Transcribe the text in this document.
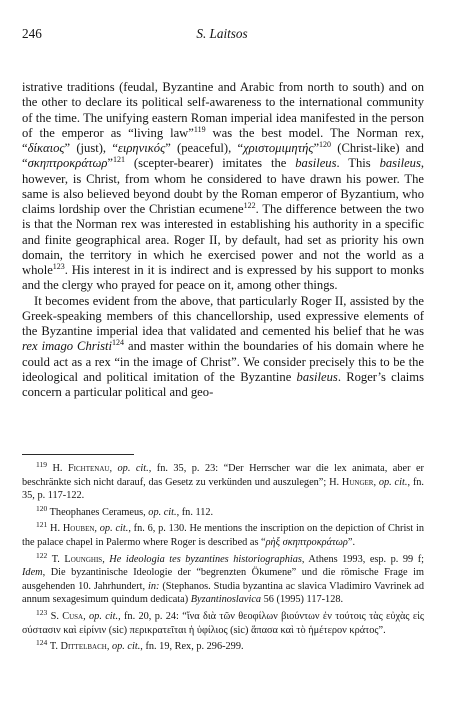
246	S. Laitsos

istrative traditions (feudal, Byzantine and Arabic from north to south) and on the other to declare its political self-awareness to the international community of the time. The unifying eastern Roman imperial idea manifested in the person of the emperor as “living law”$^{119}$ was the best model. The Norman rex, “δίκαιος” (just), “ειρηνικός” (peaceful), “χριστομιμητής”$^{120}$ (Christ-like) and “σκηπτροκράτωρ”$^{121}$ (scepter-bearer) imitates the basileus. This basileus, however, is Christ, from whom he considered to have drawn his power. The same is also believed beyond doubt by the Roman emperor of Byzantium, who claims lordship over the Christian ecumene$^{122}$. The difference between the two is that the Norman rex was interested in establishing his authority in a specific and finite geographical area. Roger II, by default, had set as priority his own domain, the territory in which he exercised power and not the world as a whole$^{123}$. His interest in it is indirect and is expressed by his support to monks and the clergy who prayed for peace on it, among other things.

It becomes evident from the above, that particularly Roger II, assisted by the Greek-speaking members of this chancellorship, used expressive elements of the Byzantine imperial idea that validated and cemented his belief that he was rex imago Christi$^{124}$ and master within the boundaries of his domain where he could act as a rex “in the image of Christ”. We consider precisely this to be the ideological and political imitation of the Byzantine basileus. Roger’s claims concern a particular political and geo-

$^{119}$ H. Fichtenau, op. cit., fn. 35, p. 23: “Der Herrscher war die lex animata, aber er beschränkte sich nicht darauf, das Gesetz zu verkünden und auszulegen”; H. Hunger, op. cit., fn. 35, p. 117-122.
$^{120}$ Theophanes Cerameus, op. cit., fn. 112.
$^{121}$ H. Houben, op. cit., fn. 6, p. 130. He mentions the inscription on the depiction of Christ in the palace chapel in Palermo where Roger is described as “ρὴξ σκηπτροκράτωρ”.
$^{122}$ T. Lounghis, He ideologia tes byzantines historiographias, Athens 1993, esp. p. 99 f; Idem, Die byzantinische Ideologie der “begrenzten Ökumene” und die römische Frage im ausgehenden 10. Jahrhundert, in: (Stephanos. Studia byzantina ac slavica Vladimiro Vavrinek ad annum sexagesimum quindum dedicata) Byzantinoslavica 56 (1995) 117-128.
$^{123}$ S. Cusa, op. cit., fn. 20, p. 24: “ἵνα διὰ τῶν θεοφίλων βιούντων ἐν τούτοις τὰς εὐχὰς εἰς σύστασιν καὶ εἰρίνιν (sic) περικρατεῖται ἡ ὑφίλιος (sic) ἅπασα καὶ τὸ ἡμέτερον κράτος”.
$^{124}$ T. Dittelbach, op. cit., fn. 19, Rex, p. 296-299.
